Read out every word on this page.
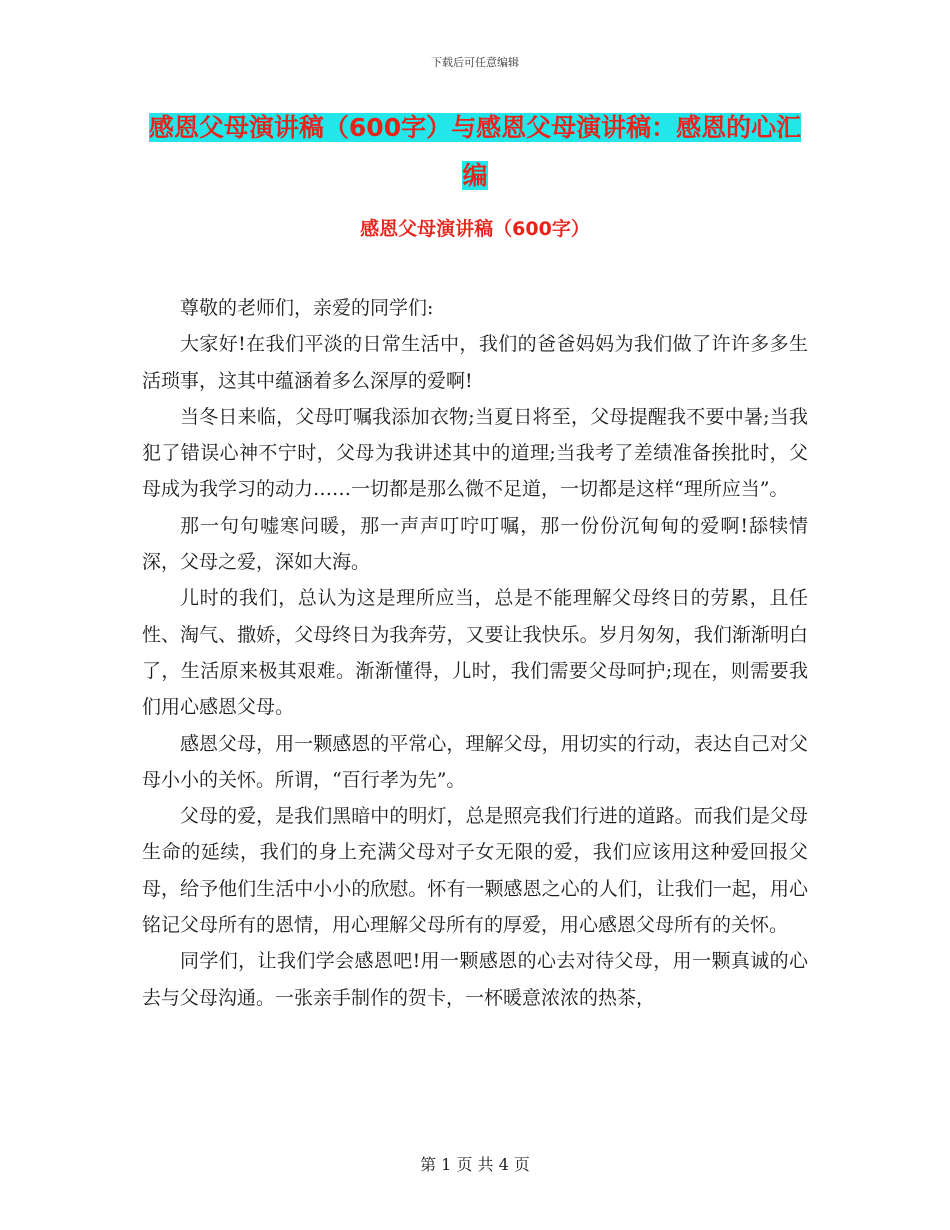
下载后可任意编辑
感恩父母演讲稿（600字）与感恩父母演讲稿：感恩的心汇编
感恩父母演讲稿（600字）

尊敬的老师们，亲爱的同学们:

大家好!在我们平淡的日常生活中，我们的爸爸妈妈为我们做了许许多多生活琐事，这其中蕴涵着多么深厚的爱啊!

当冬日来临，父母叮嘱我添加衣物;当夏日将至，父母提醒我不要中暑;当我犯了错误心神不宁时，父母为我讲述其中的道理;当我考了差绩准备挨批时，父母成为我学习的动力……一切都是那么微不足道，一切都是这样“理所应当”。

那一句句嘘寒问暖，那一声声叮咛叮嘱，那一份份沉甸甸的爱啊!舔犊情深，父母之爱，深如大海。

儿时的我们，总认为这是理所应当，总是不能理解父母终日的劳累，且任性、淘气、撒娇，父母终日为我奔劳，又要让我快乐。岁月匆匆，我们渐渐明白了，生活原来极其艰难。渐渐懂得，儿时，我们需要父母呵护;现在，则需要我们用心感恩父母。

感恩父母，用一颗感恩的平常心，理解父母，用切实的行动，表达自己对父母小小的关怀。所谓，“百行孝为先”。

父母的爱，是我们黑暗中的明灯，总是照亮我们行进的道路。而我们是父母生命的延续，我们的身上充满父母对子女无限的爱，我们应该用这种爱回报父母，给予他们生活中小小的欣慰。怀有一颗感恩之心的人们，让我们一起，用心铭记父母所有的恩情，用心理解父母所有的厚爱，用心感恩父母所有的关怀。

同学们，让我们学会感恩吧!用一颗感恩的心去对待父母，用一颗真诚的心去与父母沟通。一张亲手制作的贺卡，一杯暖意浓浓的热茶，

第 1 页 共 4 页
